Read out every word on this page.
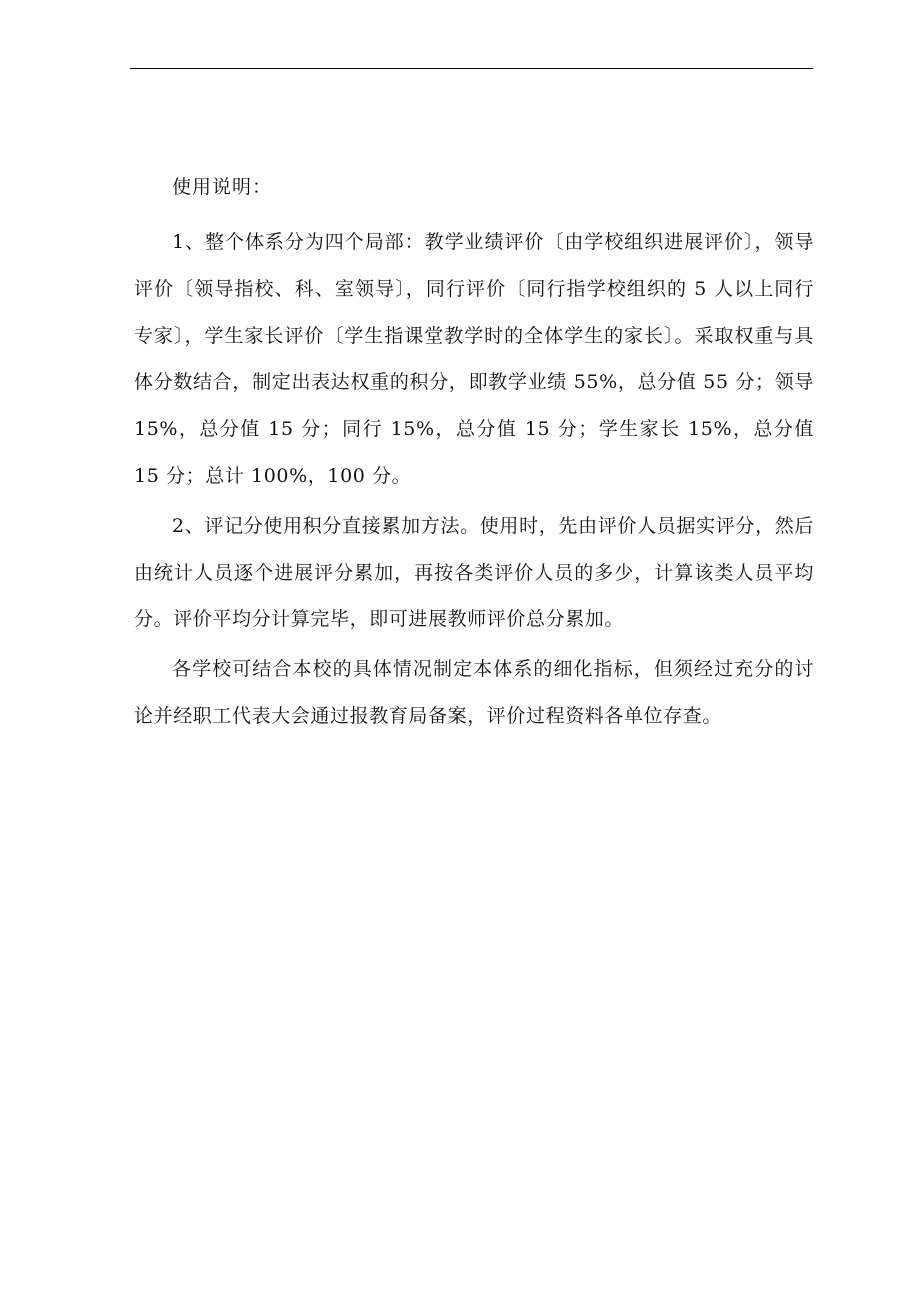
使用说明：

1、整个体系分为四个局部：教学业绩评价〔由学校组织进展评价〕，领导评价〔领导指校、科、室领导〕，同行评价〔同行指学校组织的 5 人以上同行专家〕，学生家长评价〔学生指课堂教学时的全体学生的家长〕。采取权重与具体分数结合，制定出表达权重的积分，即教学业绩 55%，总分值 55 分；领导 15%，总分值 15 分；同行 15%，总分值 15 分；学生家长 15%，总分值 15 分；总计 100%，100 分。

2、评记分使用积分直接累加方法。使用时，先由评价人员据实评分，然后由统计人员逐个进展评分累加，再按各类评价人员的多少，计算该类人员平均分。评价平均分计算完毕，即可进展教师评价总分累加。

各学校可结合本校的具体情况制定本体系的细化指标，但须经过充分的讨论并经职工代表大会通过报教育局备案，评价过程资料各单位存查。
